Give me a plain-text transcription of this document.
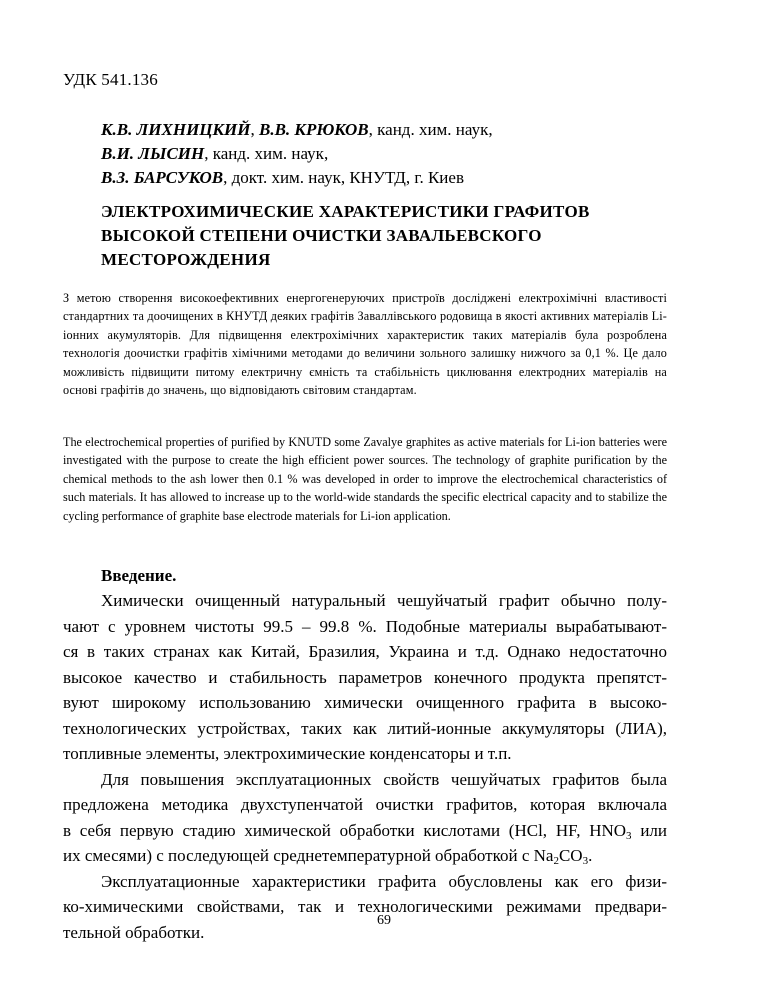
УДК 541.136
К.В. ЛИХНИЦКИЙ, В.В. КРЮКОВ, канд. хим. наук,
В.И. ЛЫСИН, канд. хим. наук,
В.З. БАРСУКОВ, докт. хим. наук, КНУТД, г. Киев
ЭЛЕКТРОХИМИЧЕСКИЕ ХАРАКТЕРИСТИКИ ГРАФИТОВ
ВЫСОКОЙ СТЕПЕНИ ОЧИСТКИ ЗАВАЛЬЕВСКОГО
МЕСТОРОЖДЕНИЯ
З метою створення високоефективних енергогенеруючих пристроїв досліджені електрохімічні властивості стандартних та доочищених в КНУТД деяких графітів Заваллівського родовища в якості активних матеріалів Li-іонних акумуляторів. Для підвищення електрохімічних характеристик таких матеріалів була розроблена технологія доочистки графітів хімічними методами до величини зольного залишку нижчого за 0,1 %. Це дало можливість підвищити питому електричну ємність та стабільність циклювання електродних матеріалів на основі графітів до значень, що відповідають світовим стандартам.
The electrochemical properties of purified by KNUTD some Zavalye graphites as active materials for Li-ion batteries were investigated with the purpose to create the high efficient power sources. The technology of graphite purification by the chemical methods to the ash lower then 0.1 % was developed in order to improve the electrochemical characteristics of such materials. It has allowed to increase up to the world-wide standards the specific electrical capacity and to stabilize the cycling performance of graphite base electrode materials for Li-ion application.
Введение.
Химически очищенный натуральный чешуйчатый графит обычно полу-
чают с уровнем чистоты 99.5 – 99.8 %. Подобные материалы вырабатывают-
ся в таких странах как Китай, Бразилия, Украина и т.д. Однако недостаточно
высокое качество и стабильность параметров конечного продукта препятст-
вуют широкому использованию химически очищенного графита в высоко-
технологических устройствах, таких как литий-ионные аккумуляторы (ЛИА),
топливные элементы, электрохимические конденсаторы и т.п.
Для повышения эксплуатационных свойств чешуйчатых графитов была
предложена методика двухступенчатой очистки графитов, которая включала
в себя первую стадию химической обработки кислотами (HCl, HF, $HNO_3$ или
их смесями) с последующей среднетемпературной обработкой с $Na_2CO_3$.
Эксплуатационные характеристики графита обусловлены как его физи-
ко-химическими свойствами, так и технологическими режимами предвари-
тельной обработки.
69
